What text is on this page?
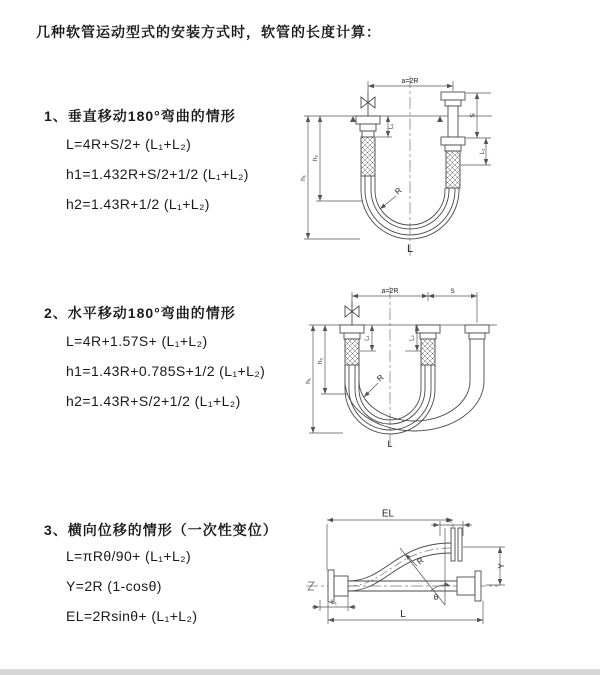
几种软管运动型式的安装方式时，软管的长度计算：
1、垂直移动180°弯曲的情形
L=4R+S/2+ (L₁+L₂)
h1=1.432R+S/2+1/2 (L₁+L₂)
h2=1.43R+1/2 (L₁+L₂)
a=2R
S
L₂
L₁
h₁
h₂
R
L
2、水平移动180°弯曲的情形
L=4R+1.57S+ (L₁+L₂)
h1=1.43R+0.785S+1/2 (L₁+L₂)
h2=1.43R+S/2+1/2 (L₁+L₂)
a=2R	S
L₁	L₂
h₁
h₂
R
L
3、横向位移的情形（一次性变位）
L=πRθ/90+ (L₁+L₂)
Y=2R (1-cosθ)
EL=2Rsinθ+ (L₁+L₂)
EL
L₂
Y
R
θ
L₁
L
